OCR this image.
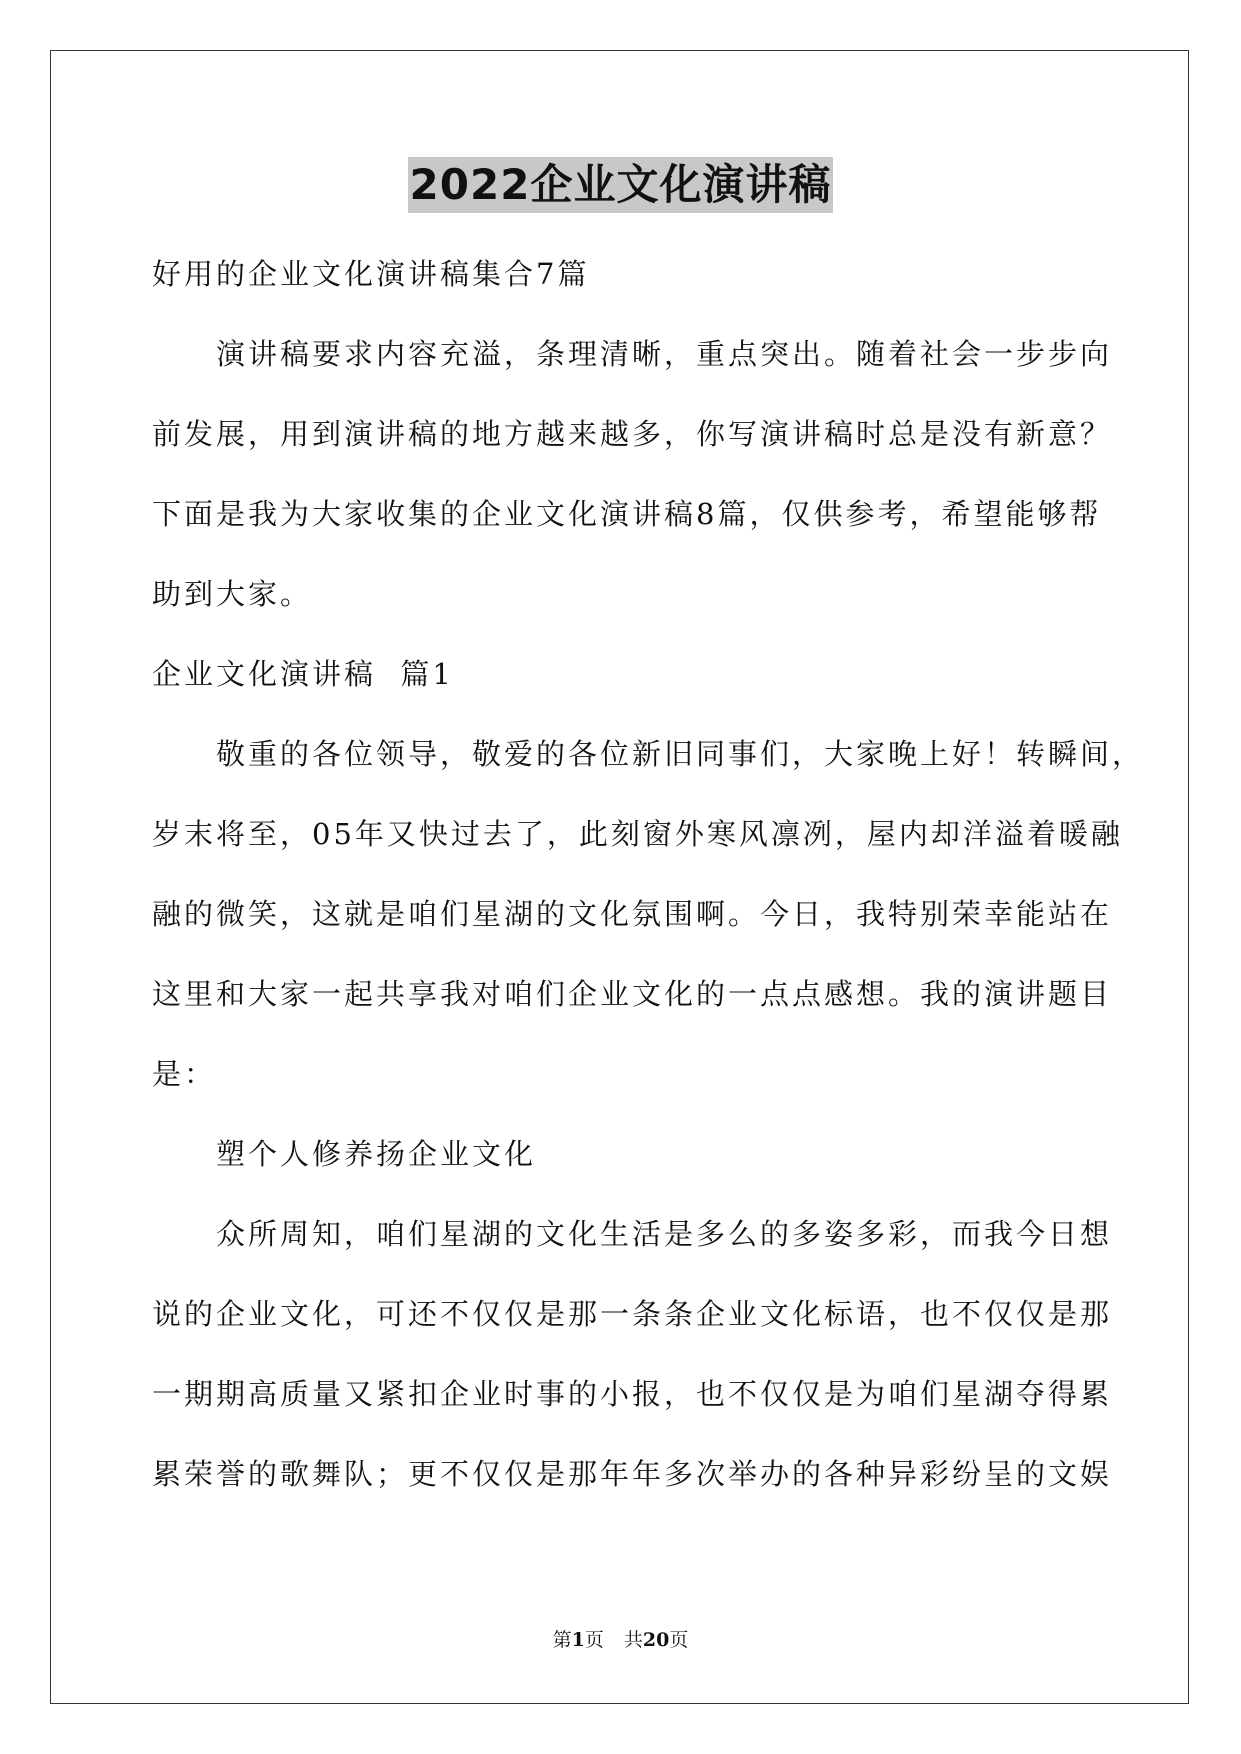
2022企业文化演讲稿
好用的企业文化演讲稿集合7篇
演讲稿要求内容充溢，条理清晰，重点突出。随着社会一步步向
前发展，用到演讲稿的地方越来越多，你写演讲稿时总是没有新意？
下面是我为大家收集的企业文化演讲稿8篇，仅供参考，希望能够帮
助到大家。
企业文化演讲稿  篇1
敬重的各位领导，敬爱的各位新旧同事们，大家晚上好！转瞬间，
岁末将至，05年又快过去了，此刻窗外寒风凛冽，屋内却洋溢着暖融
融的微笑，这就是咱们星湖的文化氛围啊。今日，我特别荣幸能站在
这里和大家一起共享我对咱们企业文化的一点点感想。我的演讲题目
是：
塑个人修养扬企业文化
众所周知，咱们星湖的文化生活是多么的多姿多彩，而我今日想
说的企业文化，可还不仅仅是那一条条企业文化标语，也不仅仅是那
一期期高质量又紧扣企业时事的小报，也不仅仅是为咱们星湖夺得累
累荣誉的歌舞队；更不仅仅是那年年多次举办的各种异彩纷呈的文娱
第1页 共20页
